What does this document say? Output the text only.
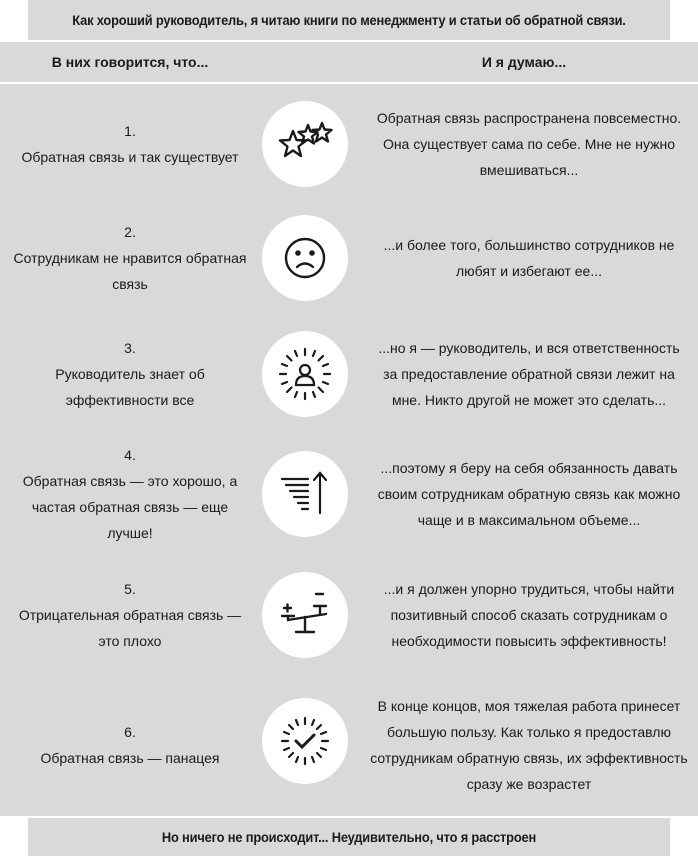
Как хороший руководитель, я читаю книги по менеджменту и статьи об обратной связи.
В них говорится, что...	И я думаю...
1.
Обратная связь и так существует
Обратная связь распространена повсеместно. Она существует сама по себе. Мне не нужно вмешиваться...
2.
Сотрудникам не нравится обратная связь
...и более того, большинство сотрудников не любят и избегают ее...
3.
Руководитель знает об эффективности все
...но я — руководитель, и вся ответственность за предоставление обратной связи лежит на мне. Никто другой не может это сделать...
4.
Обратная связь — это хорошо, а частая обратная связь — еще лучше!
...поэтому я беру на себя обязанность давать своим сотрудникам обратную связь как можно чаще и в максимальном объеме...
5.
Отрицательная обратная связь — это плохо
...и я должен упорно трудиться, чтобы найти позитивный способ сказать сотрудникам о необходимости повысить эффективность!
6.
Обратная связь — панацея
В конце концов, моя тяжелая работа принесет большую пользу. Как только я предоставлю сотрудникам обратную связь, их эффективность сразу же возрастет
Но ничего не происходит... Неудивительно, что я расстроен
